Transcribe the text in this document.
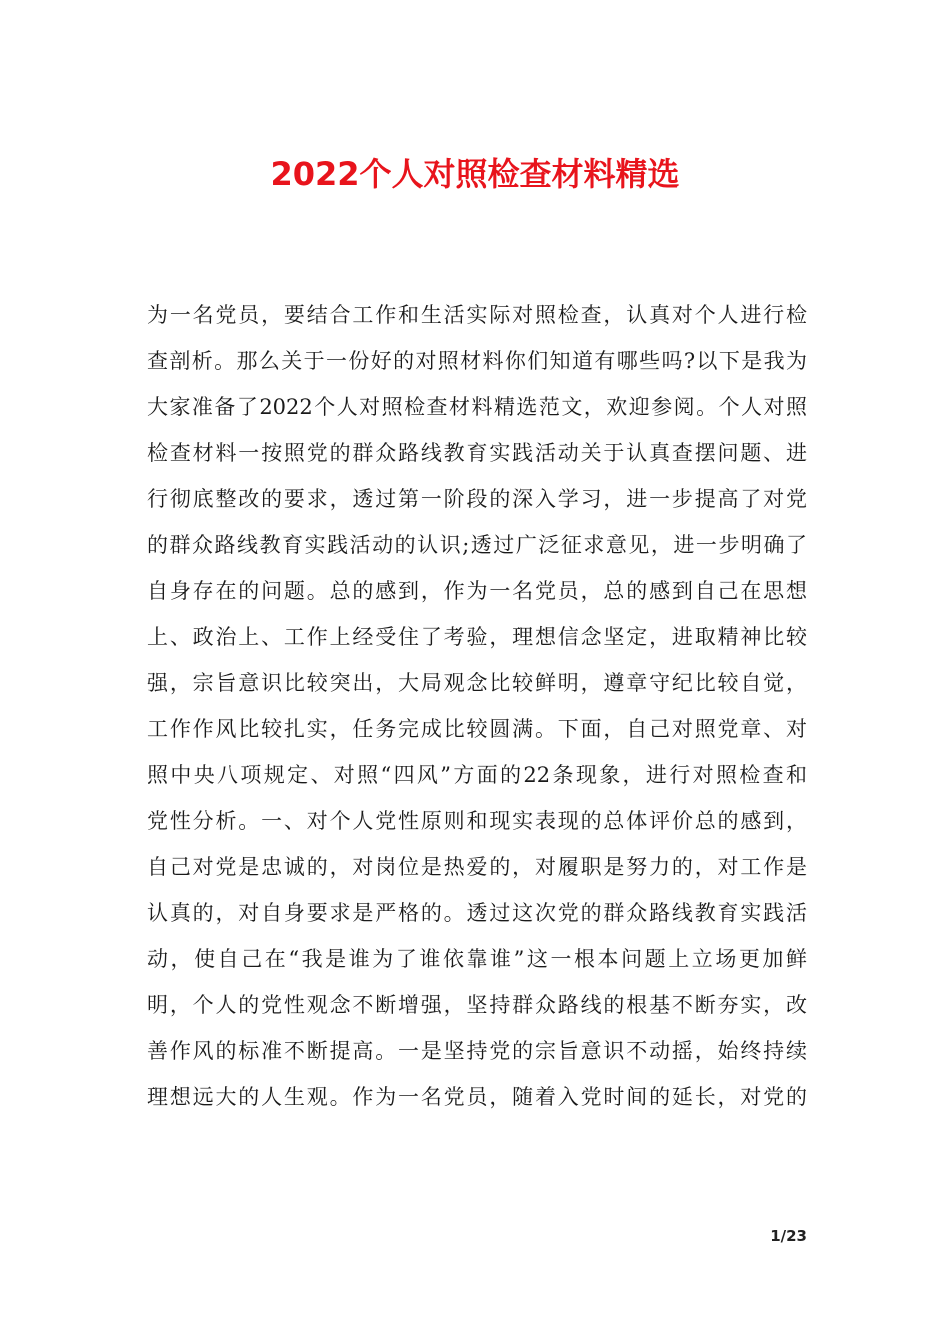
2022个人对照检查材料精选
为一名党员，要结合工作和生活实际对照检查，认真对个人进行检
查剖析。那么关于一份好的对照材料你们知道有哪些吗?以下是我为
大家准备了2022个人对照检查材料精选范文，欢迎参阅。个人对照
检查材料一按照党的群众路线教育实践活动关于认真查摆问题、进
行彻底整改的要求，透过第一阶段的深入学习，进一步提高了对党
的群众路线教育实践活动的认识;透过广泛征求意见，进一步明确了
自身存在的问题。总的感到，作为一名党员，总的感到自己在思想
上、政治上、工作上经受住了考验，理想信念坚定，进取精神比较
强，宗旨意识比较突出，大局观念比较鲜明，遵章守纪比较自觉，
工作作风比较扎实，任务完成比较圆满。下面，自己对照党章、对
照中央八项规定、对照“四风”方面的22条现象，进行对照检查和
党性分析。一、对个人党性原则和现实表现的总体评价总的感到，
自己对党是忠诚的，对岗位是热爱的，对履职是努力的，对工作是
认真的，对自身要求是严格的。透过这次党的群众路线教育实践活
动，使自己在“我是谁为了谁依靠谁”这一根本问题上立场更加鲜
明，个人的党性观念不断增强，坚持群众路线的根基不断夯实，改
善作风的标准不断提高。一是坚持党的宗旨意识不动摇，始终持续
理想远大的人生观。作为一名党员，随着入党时间的延长，对党的
1/23
